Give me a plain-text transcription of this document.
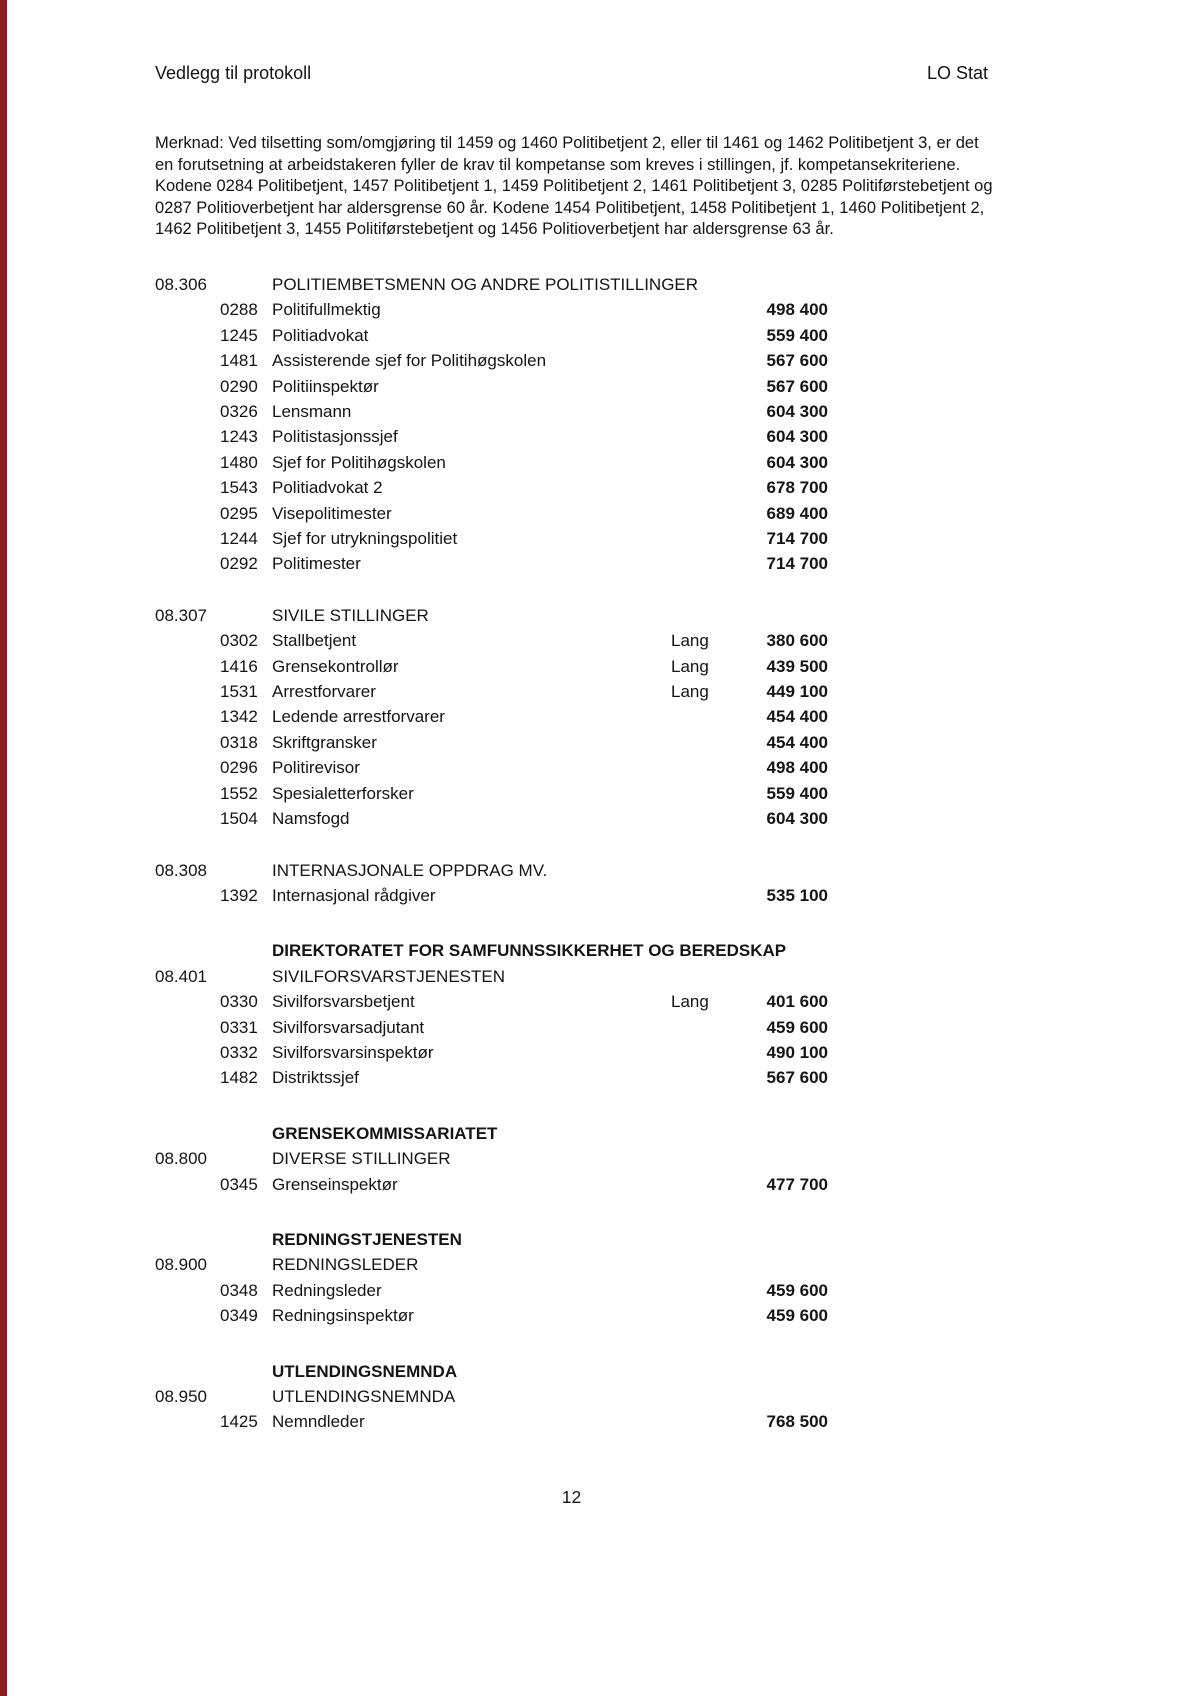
Vedlegg til protokoll	LO Stat
Merknad: Ved tilsetting som/omgjøring til 1459 og 1460 Politibetjent 2, eller til 1461 og 1462 Politibetjent 3, er det
en forutsetning at arbeidstakeren fyller de krav til kompetanse som kreves i stillingen, jf. kompetansekriteriene.
Kodene 0284 Politibetjent, 1457 Politibetjent 1, 1459 Politibetjent 2, 1461 Politibetjent 3, 0285 Politiførstebetjent og
0287 Politioverbetjent har aldersgrense 60 år. Kodene 1454 Politibetjent, 1458 Politibetjent 1, 1460 Politibetjent 2,
1462 Politibetjent 3, 1455 Politiførstebetjent og 1456 Politioverbetjent har aldersgrense 63 år.
08.306	POLITIEMBETSMENN OG ANDRE POLITISTILLINGER
0288 Politifullmektig	498 400
1245 Politiadvokat	559 400
1481 Assisterende sjef for Politihøgskolen	567 600
0290 Politiinspektør	567 600
0326 Lensmann	604 300
1243 Politistasjonssjef	604 300
1480 Sjef for Politihøgskolen	604 300
1543 Politiadvokat 2	678 700
0295 Visepolitimester	689 400
1244 Sjef for utrykningspolitiet	714 700
0292 Politimester	714 700
08.307	SIVILE STILLINGER
0302 Stallbetjent	Lang	380 600
1416 Grensekontrollør	Lang	439 500
1531 Arrestforvarer	Lang	449 100
1342 Ledende arrestforvarer	454 400
0318 Skriftgransker	454 400
0296 Politirevisor	498 400
1552 Spesialetterforsker	559 400
1504 Namsfogd	604 300
08.308	INTERNASJONALE OPPDRAG MV.
1392 Internasjonal rådgiver	535 100
DIREKTORATET FOR SAMFUNNSSIKKERHET OG BEREDSKAP
08.401	SIVILFORSVARSTJENESTEN
0330 Sivilforsvarsbetjent	Lang	401 600
0331 Sivilforsvarsadjutant	459 600
0332 Sivilforsvarsinspektør	490 100
1482 Distriktssjef	567 600
GRENSEKOMMISSARIATET
08.800	DIVERSE STILLINGER
0345 Grenseinspektør	477 700
REDNINGSTJENESTEN
08.900	REDNINGSLEDER
0348 Redningsleder	459 600
0349 Redningsinspektør	459 600
UTLENDINGSNEMNDA
08.950	UTLENDINGSNEMNDA
1425 Nemndleder	768 500
12
